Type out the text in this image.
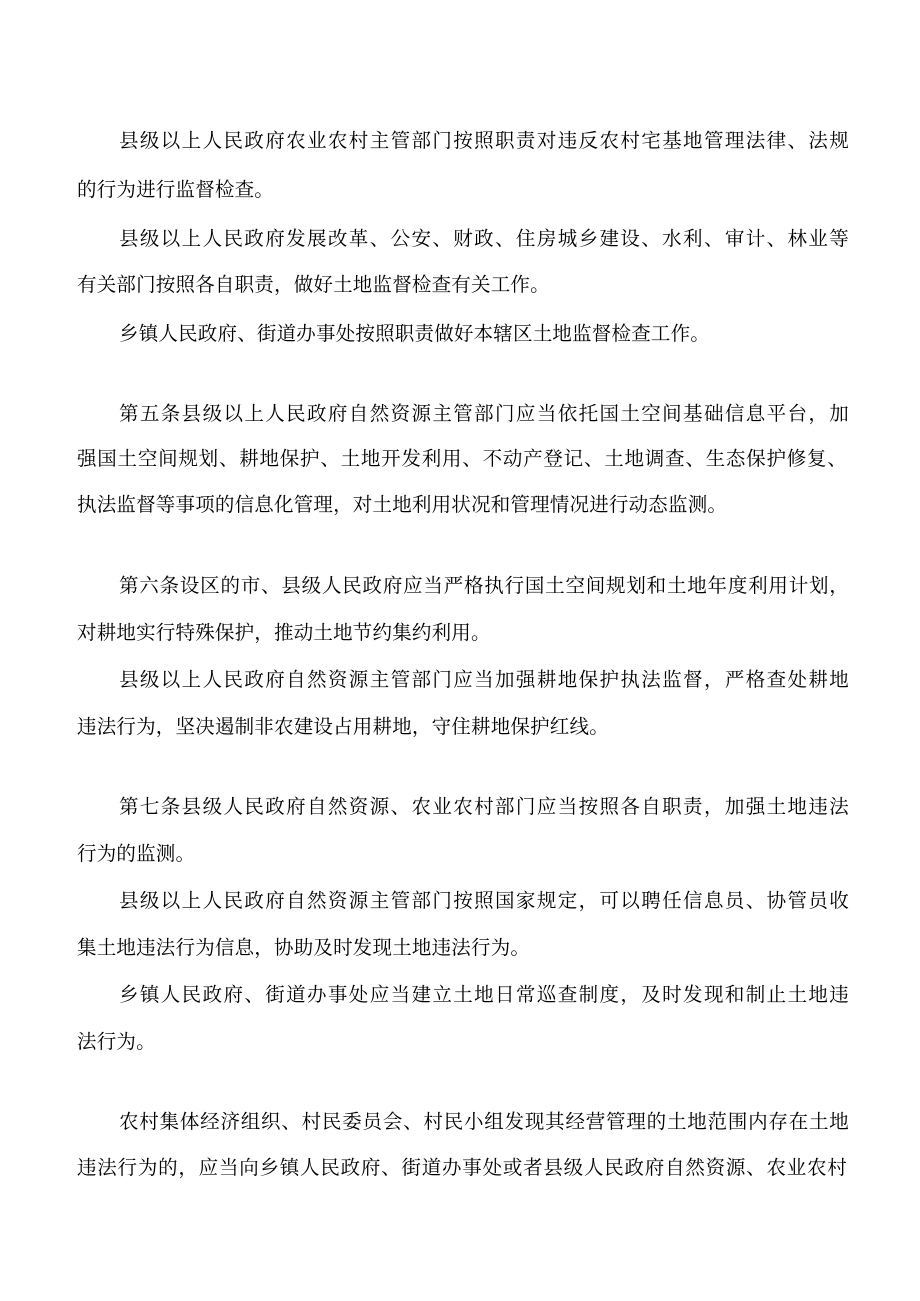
县级以上人民政府农业农村主管部门按照职责对违反农村宅基地管理法律、法规
的行为进行监督检查。
县级以上人民政府发展改革、公安、财政、住房城乡建设、水利、审计、林业等
有关部门按照各自职责，做好土地监督检查有关工作。
乡镇人民政府、街道办事处按照职责做好本辖区土地监督检查工作。
第五条县级以上人民政府自然资源主管部门应当依托国土空间基础信息平台，加
强国土空间规划、耕地保护、土地开发利用、不动产登记、土地调查、生态保护修复、
执法监督等事项的信息化管理，对土地利用状况和管理情况进行动态监测。
第六条设区的市、县级人民政府应当严格执行国土空间规划和土地年度利用计划，
对耕地实行特殊保护，推动土地节约集约利用。
县级以上人民政府自然资源主管部门应当加强耕地保护执法监督，严格查处耕地
违法行为，坚决遏制非农建设占用耕地，守住耕地保护红线。
第七条县级人民政府自然资源、农业农村部门应当按照各自职责，加强土地违法
行为的监测。
县级以上人民政府自然资源主管部门按照国家规定，可以聘任信息员、协管员收
集土地违法行为信息，协助及时发现土地违法行为。
乡镇人民政府、街道办事处应当建立土地日常巡查制度，及时发现和制止土地违
法行为。
农村集体经济组织、村民委员会、村民小组发现其经营管理的土地范围内存在土地
违法行为的，应当向乡镇人民政府、街道办事处或者县级人民政府自然资源、农业农村
